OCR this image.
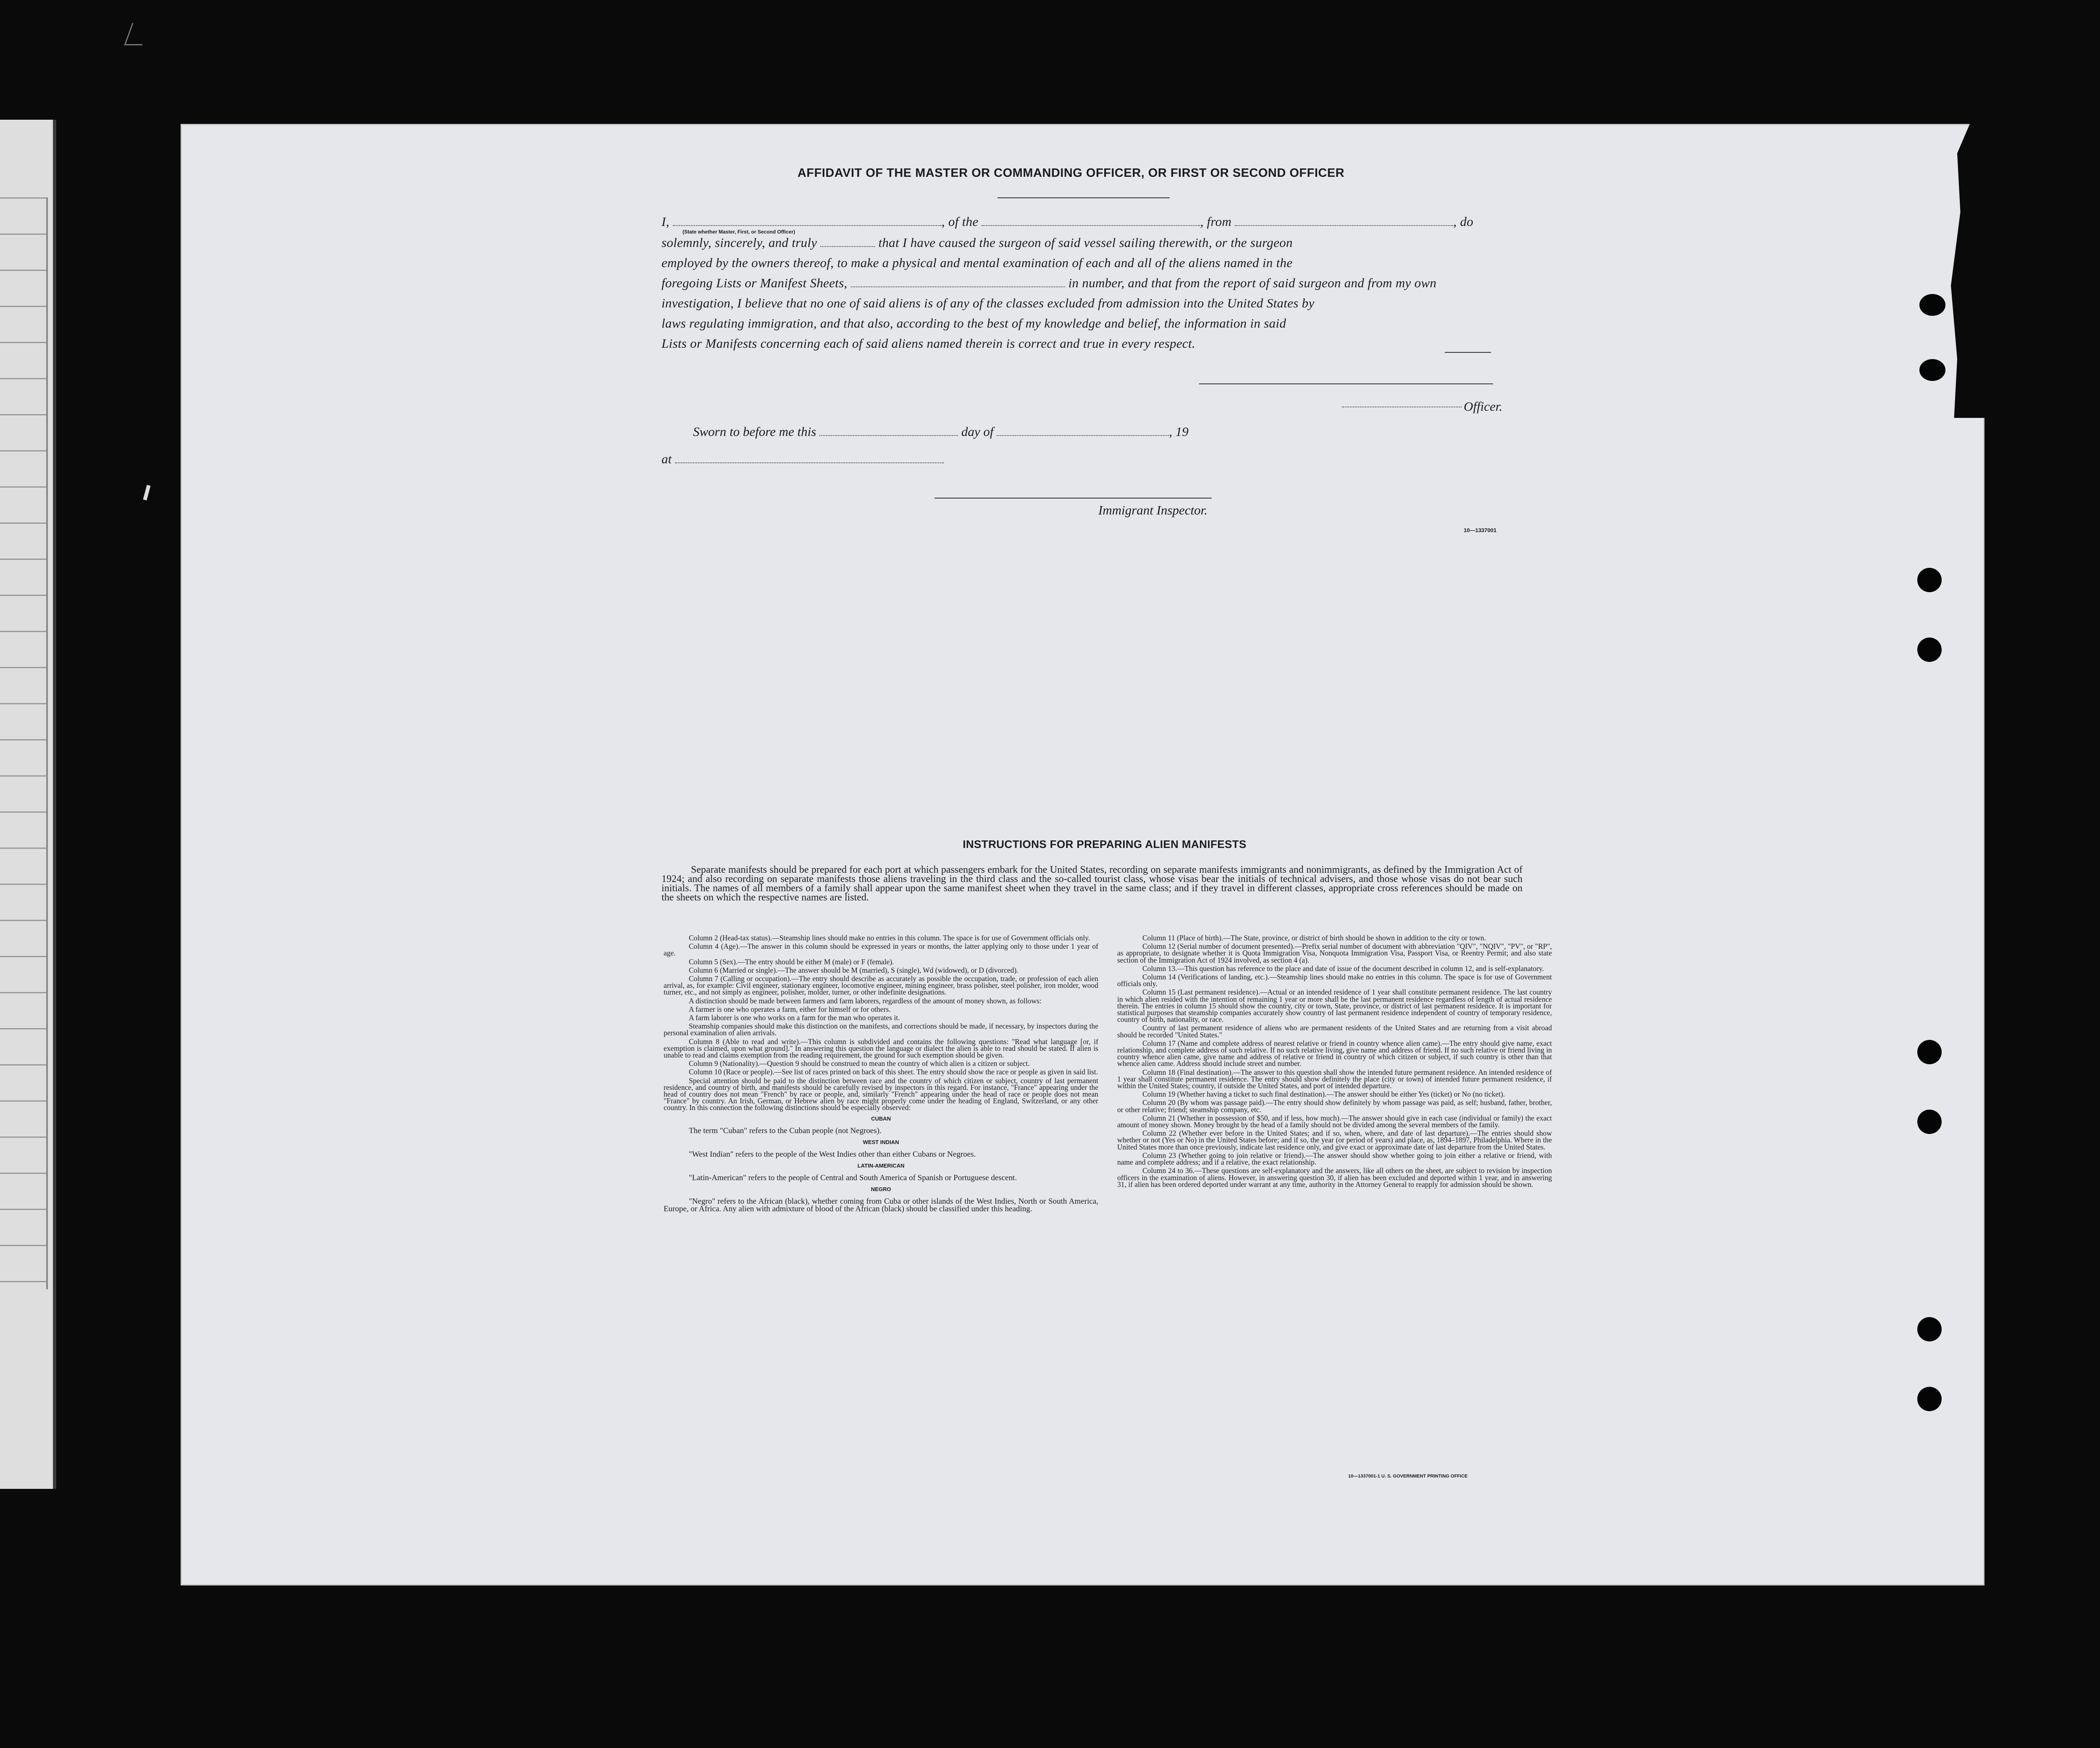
AFFIDAVIT OF THE MASTER OR COMMANDING OFFICER, OR FIRST OR SECOND OFFICER
I,	, of the	, from	, do
(State whether Master, First, or Second Officer)
solemnly, sincerely, and truly	that I have caused the surgeon of said vessel sailing therewith, or the surgeon
employed by the owners thereof, to make a physical and mental examination of each and all of the aliens named in the
foregoing Lists or Manifest Sheets,	in number, and that from the report of said surgeon and from my own
investigation, I believe that no one of said aliens is of any of the classes excluded from admission into the United States by
laws regulating immigration, and that also, according to the best of my knowledge and belief, the information in said
Lists or Manifests concerning each of said aliens named therein is correct and true in every respect.
Officer.
Sworn to before me this	day of	, 19
at
Immigrant Inspector.
10—1337001
INSTRUCTIONS FOR PREPARING ALIEN MANIFESTS
Separate manifests should be prepared for each port at which passengers embark for the United States, recording on separate manifests immigrants and nonimmigrants, as defined by the Immigration Act of 1924; and also recording on separate manifests those aliens traveling in the third class and the so-called tourist class, whose visas bear the initials of technical advisers, and those whose visas do not bear such initials. The names of all members of a family shall appear upon the same manifest sheet when they travel in the same class; and if they travel in different classes, appropriate cross references should be made on the sheets on which the respective names are listed.

Column 2 (Head-tax status).—Steamship lines should make no entries in this column. The space is for use of Government officials only.

Column 4 (Age).—The answer in this column should be expressed in years or months, the latter applying only to those under 1 year of age.

Column 5 (Sex).—The entry should be either M (male) or F (female).

Column 6 (Married or single).—The answer should be M (married), S (single), Wd (widowed), or D (divorced).

Column 7 (Calling or occupation).—The entry should describe as accurately as possible the occupation, trade, or profession of each alien arrival, as, for example: Civil engineer, stationary engineer, locomotive engineer, mining engineer, brass polisher, steel polisher, iron molder, wood turner, etc., and not simply as engineer, polisher, molder, turner, or other indefinite designations.

A distinction should be made between farmers and farm laborers, regardless of the amount of money shown, as follows:

A farmer is one who operates a farm, either for himself or for others.

A farm laborer is one who works on a farm for the man who operates it.

Steamship companies should make this distinction on the manifests, and corrections should be made, if necessary, by inspectors during the personal examination of alien arrivals.

Column 8 (Able to read and write).—This column is subdivided and contains the following questions: "Read what language [or, if exemption is claimed, upon what ground]." In answering this question the language or dialect the alien is able to read should be stated. If alien is unable to read and claims exemption from the reading requirement, the ground for such exemption should be given.

Column 9 (Nationality).—Question 9 should be construed to mean the country of which alien is a citizen or subject.

Column 10 (Race or people).—See list of races printed on back of this sheet. The entry should show the race or people as given in said list.

Special attention should be paid to the distinction between race and the country of which citizen or subject, country of last permanent residence, and country of birth, and manifests should be carefully revised by inspectors in this regard. For instance, "France" appearing under the head of country does not mean "French" by race or people, and, similarly "French" appearing under the head of race or people does not mean "France" by country. An Irish, German, or Hebrew alien by race might properly come under the heading of England, Switzerland, or any other country. In this connection the following distinctions should be especially observed:

CUBAN

The term "Cuban" refers to the Cuban people (not Negroes).

WEST INDIAN

"West Indian" refers to the people of the West Indies other than either Cubans or Negroes.

LATIN-AMERICAN

"Latin-American" refers to the people of Central and South America of Spanish or Portuguese descent.

NEGRO

"Negro" refers to the African (black), whether coming from Cuba or other islands of the West Indies, North or South America, Europe, or Africa. Any alien with admixture of blood of the African (black) should be classified under this heading.

Column 11 (Place of birth).—The State, province, or district of birth should be shown in addition to the city or town.

Column 12 (Serial number of document presented).—Prefix serial number of document with abbreviation "QIV", "NQIV", "PV", or "RP", as appropriate, to designate whether it is Quota Immigration Visa, Nonquota Immigration Visa, Passport Visa, or Reentry Permit; and also state section of the Immigration Act of 1924 involved, as section 4 (a).

Column 13.—This question has reference to the place and date of issue of the document described in column 12, and is self-explanatory.

Column 14 (Verifications of landing, etc.).—Steamship lines should make no entries in this column. The space is for use of Government officials only.

Column 15 (Last permanent residence).—Actual or an intended residence of 1 year shall constitute permanent residence. The last country in which alien resided with the intention of remaining 1 year or more shall be the last permanent residence regardless of length of actual residence therein. The entries in column 15 should show the country, city or town, State, province, or district of last permanent residence. It is important for statistical purposes that steamship companies accurately show country of last permanent residence independent of country of temporary residence, country of birth, nationality, or race.

Country of last permanent residence of aliens who are permanent residents of the United States and are returning from a visit abroad should be recorded "United States."

Column 17 (Name and complete address of nearest relative or friend in country whence alien came).—The entry should give name, exact relationship, and complete address of such relative. If no such relative living, give name and address of friend. If no such relative or friend living in country whence alien came, give name and address of relative or friend in country of which citizen or subject, if such country is other than that whence alien came. Address should include street and number.

Column 18 (Final destination).—The answer to this question shall show the intended future permanent residence. An intended residence of 1 year shall constitute permanent residence. The entry should show definitely the place (city or town) of intended future permanent residence, if within the United States; country, if outside the United States, and port of intended departure.

Column 19 (Whether having a ticket to such final destination).—The answer should be either Yes (ticket) or No (no ticket).

Column 20 (By whom was passage paid).—The entry should show definitely by whom passage was paid, as self; husband, father, brother, or other relative; friend; steamship company, etc.

Column 21 (Whether in possession of $50, and if less, how much).—The answer should give in each case (individual or family) the exact amount of money shown. Money brought by the head of a family should not be divided among the several members of the family.

Column 22 (Whether ever before in the United States; and if so, when, where, and date of last departure).—The entries should show whether or not (Yes or No) in the United States before; and if so, the year (or period of years) and place, as, 1894–1897, Philadelphia. Where in the United States more than once previously, indicate last residence only, and give exact or approximate date of last departure from the United States.

Column 23 (Whether going to join relative or friend).—The answer should show whether going to join either a relative or friend, with name and complete address; and if a relative, the exact relationship.

Column 24 to 36.—These questions are self-explanatory and the answers, like all others on the sheet, are subject to revision by inspection officers in the examination of aliens. However, in answering question 30, if alien has been excluded and deported within 1 year, and in answering 31, if alien has been ordered deported under warrant at any time, authority in the Attorney General to reapply for admission should be shown.

10—1337001-1 U. S. GOVERNMENT PRINTING OFFICE
